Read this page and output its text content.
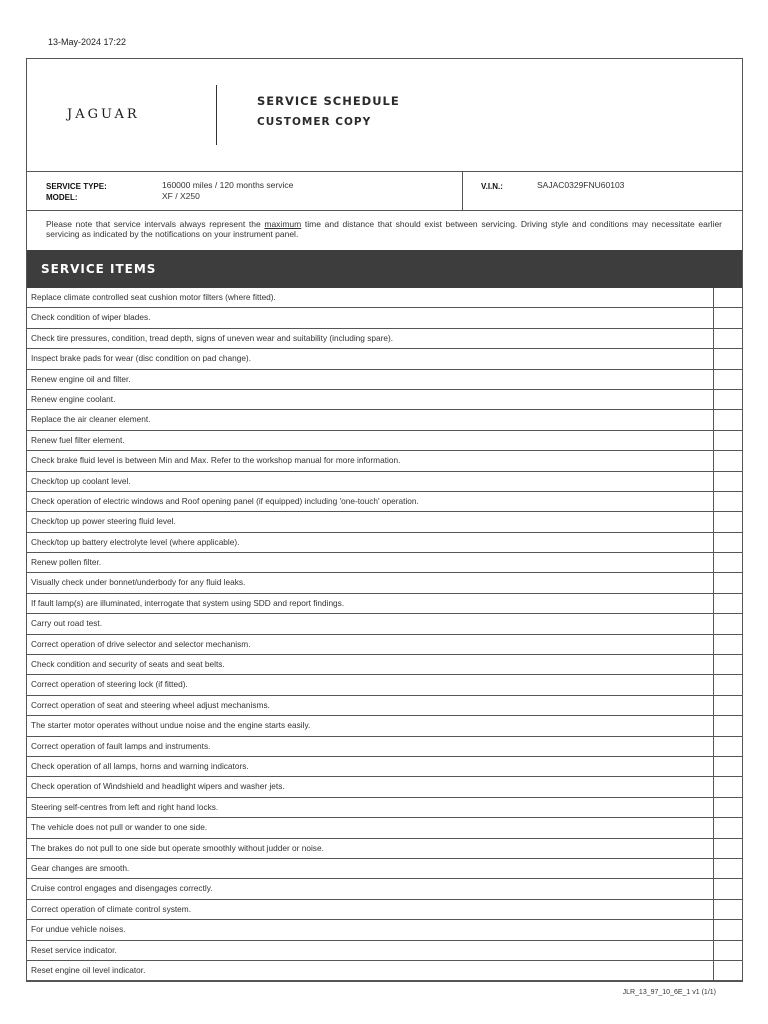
13-May-2024 17:22
JAGUAR
SERVICE SCHEDULE
CUSTOMER COPY
SERVICE TYPE:	160000 miles / 120 months service
MODEL:	XF / X250
V.I.N.:	SAJAC0329FNU60103
Please note that service intervals always represent the maximum time and distance that should exist between servicing. Driving style and conditions may necessitate earlier servicing as indicated by the notifications on your instrument panel.
SERVICE ITEMS
Replace climate controlled seat cushion motor filters (where fitted).
Check condition of wiper blades.
Check tire pressures, condition, tread depth, signs of uneven wear and suitability (including spare).
Inspect brake pads for wear (disc condition on pad change).
Renew engine oil and filter.
Renew engine coolant.
Replace the air cleaner element.
Renew fuel filter element.
Check brake fluid level is between Min and Max. Refer to the workshop manual for more information.
Check/top up coolant level.
Check operation of electric windows and Roof opening panel (if equipped) including 'one-touch' operation.
Check/top up power steering fluid level.
Check/top up battery electrolyte level (where applicable).
Renew pollen filter.
Visually check under bonnet/underbody for any fluid leaks.
If fault lamp(s) are illuminated, interrogate that system using SDD and report findings.
Carry out road test.
Correct operation of drive selector and selector mechanism.
Check condition and security of seats and seat belts.
Correct operation of steering lock (if fitted).
Correct operation of seat and steering wheel adjust mechanisms.
The starter motor operates without undue noise and the engine starts easily.
Correct operation of fault lamps and instruments.
Check operation of all lamps, horns and warning indicators.
Check operation of Windshield and headlight wipers and washer jets.
Steering self-centres from left and right hand locks.
The vehicle does not pull or wander to one side.
The brakes do not pull to one side but operate smoothly without judder or noise.
Gear changes are smooth.
Cruise control engages and disengages correctly.
Correct operation of climate control system.
For undue vehicle noises.
Reset service indicator.
Reset engine oil level indicator.
JLR_13_97_10_6E_1 v1 (1/1)
